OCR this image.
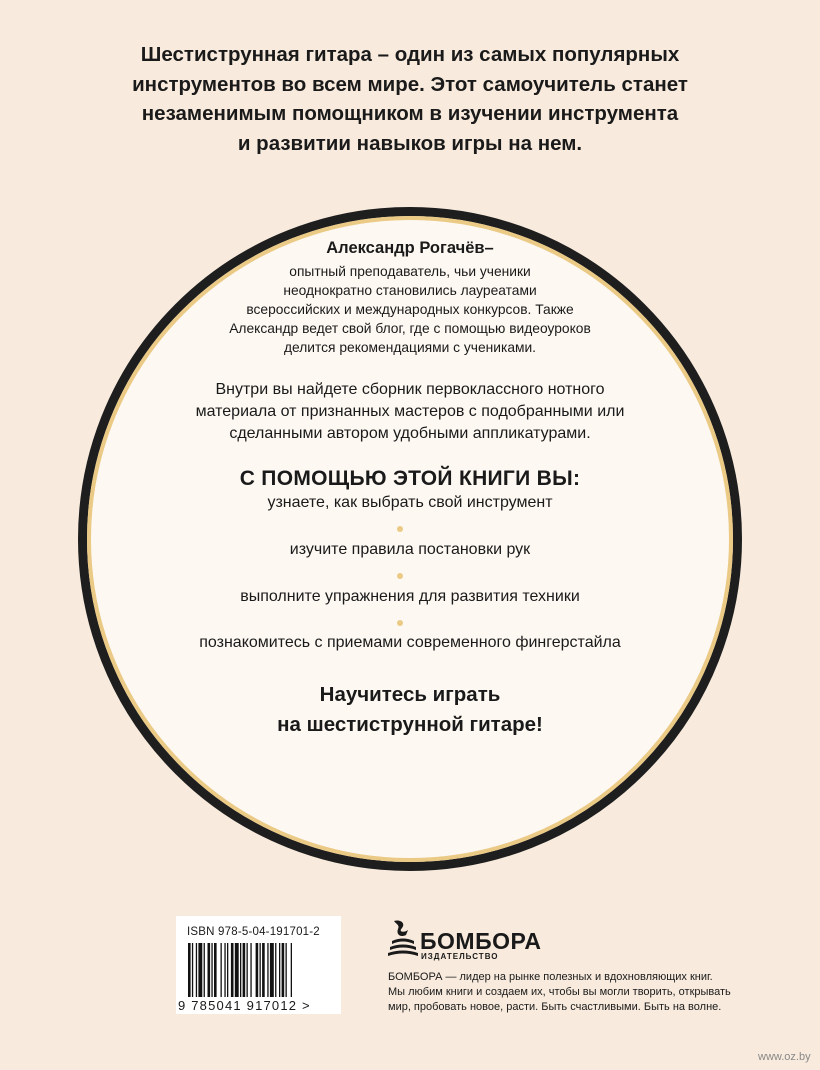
Шестиструнная гитара – один из самых популярных
инструментов во всем мире. Этот самоучитель станет
незаменимым помощником в изучении инструмента
и развитии навыков игры на нем.
Александр Рогачёв–
опытный преподаватель, чьи ученики
неоднократно становились лауреатами
всероссийских и международных конкурсов. Также
Александр ведет свой блог, где с помощью видеоуроков
делится рекомендациями с учениками.
Внутри вы найдете сборник первоклассного нотного
материала от признанных мастеров с подобранными или
сделанными автором удобными аппликатурами.
С ПОМОЩЬЮ ЭТОЙ КНИГИ ВЫ:
узнаете, как выбрать свой инструмент
изучите правила постановки рук
выполните упражнения для развития техники
познакомитесь с приемами современного фингерстайла
Научитесь играть
на шестиструнной гитаре!
ISBN 978-5-04-191701-2
9 785041 917012 >
БОМБОРА
ИЗДАТЕЛЬСТВО
БОМБОРА — лидер на рынке полезных и вдохновляющих книг.
Мы любим книги и создаем их, чтобы вы могли творить, открывать
мир, пробовать новое, расти. Быть счастливыми. Быть на волне.
www.oz.by
